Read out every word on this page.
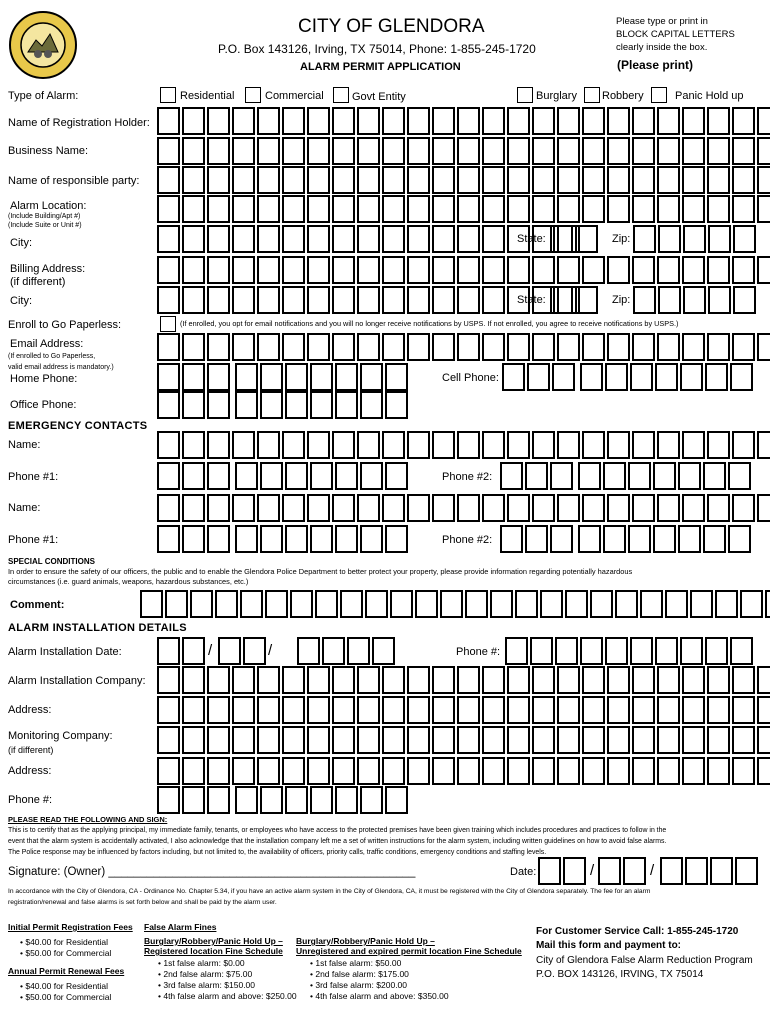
CITY OF GLENDORA
P.O. Box 143126, Irving, TX 75014, Phone: 1-855-245-1720
ALARM PERMIT APPLICATION
Please type or print in
BLOCK CAPITAL LETTERS
clearly inside the box.
(Please print)
Type of Alarm:	Residential	Commercial	Govt Entity	Burglary Robbery	Panic Hold up
Name of Registration Holder:
Business Name:
Name of responsible party:
Alarm Location:
(Include Building/Apt #)
(Include Suite or Unit #)
City:	State:	Zip:
Billing Address:
(if different)
City:	State:	Zip:
Enroll to Go Paperless:	(If enrolled, you opt for email notifications and you will no longer receive notifications by USPS. If not enrolled, you agree to receive notifications by USPS.)
Email Address:
(If enrolled to Go Paperless,
valid email address is mandatory.)
Home Phone:	Cell Phone:
Office Phone:
EMERGENCY CONTACTS
Name:
Phone #1:	Phone #2:
Name:
Phone #1:	Phone #2:
SPECIAL CONDITIONS
In order to ensure the safety of our officers, the public and to enable the Glendora Police Department to better protect your property, please provide information regarding potentially hazardous
circumstances (i.e. guard animals, weapons, hazardous substances, etc.)
Comment:
ALARM INSTALLATION DETAILS
Alarm Installation Date:	/	/	Phone #:
Alarm Installation Company:
Address:
Monitoring Company:
(if different)
Address:
Phone #:
PLEASE READ THE FOLLOWING AND SIGN:
This is to certify that as the applying principal, my immediate family, tenants, or employees who have access to the protected premises have been given training which includes procedures and practices to follow in the
event that the alarm system is accidentally activated, I also acknowledge that the installation company left me a set of written instructions for the alarm system, including written guidelines on how to avoid false alarms.
The Police response may be influenced by factors including, but not limited to, the availability of officers, priority calls, traffic conditions, emergency conditions and staffing levels.
Signature: (Owner) ________________________________________________	Date:	/	/
In accordance with the City of Glendora, CA - Ordinance No. Chapter 5.34, if you have an active alarm system in the City of Glendora, CA, it must be registered with the City of Glendora separately. The fee for an alarm
registration/renewal and false alarms is set forth below and shall be paid by the alarm user.
Initial Permit Registration Fees
• $40.00 for Residential
• $50.00 for Commercial
Annual Permit Renewal Fees
• $40.00 for Residential
• $50.00 for Commercial
False Alarm Fines
Burglary/Robbery/Panic Hold Up –
Registered location Fine Schedule
• 1st false alarm: $0.00
• 2nd false alarm: $75.00
• 3rd false alarm: $150.00
• 4th false alarm and above: $250.00
Burglary/Robbery/Panic Hold Up –
Unregistered and expired permit location Fine Schedule
• 1st false alarm: $50.00
• 2nd false alarm: $175.00
• 3rd false alarm: $200.00
• 4th false alarm and above: $350.00
For Customer Service Call: 1-855-245-1720
Mail this form and payment to:
City of Glendora False Alarm Reduction Program
P.O. BOX 143126, IRVING, TX 75014
